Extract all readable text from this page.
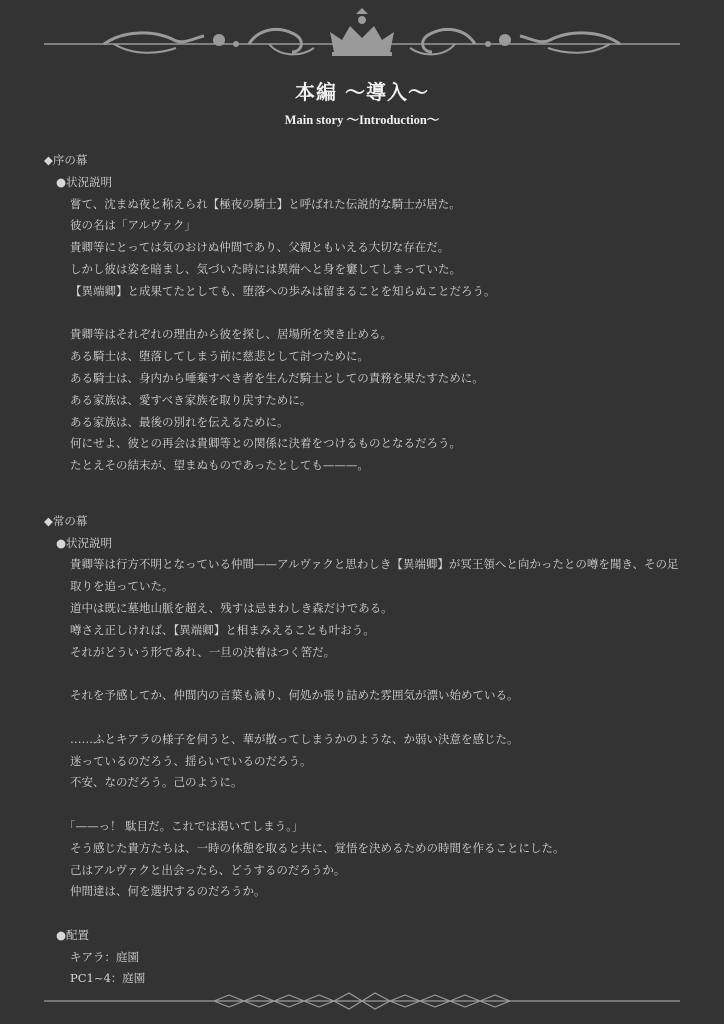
本編 ～導入～
Main story ～Introduction～
◆序の幕
●状況説明
嘗て、沈まぬ夜と称えられ【極夜の騎士】と呼ばれた伝説的な騎士が居た。
彼の名は「アルヴァク」
貴卿等にとっては気のおけぬ仲間であり、父親ともいえる大切な存在だ。
しかし彼は姿を暗まし、気づいた時には異端へと身を窶してしまっていた。
【異端卿】と成果てたとしても、堕落への歩みは留まることを知らぬことだろう。
貴卿等はそれぞれの理由から彼を探し、居場所を突き止める。
ある騎士は、堕落してしまう前に慈悲として討つために。
ある騎士は、身内から唾棄すべき者を生んだ騎士としての責務を果たすために。
ある家族は、愛すべき家族を取り戻すために。
ある家族は、最後の別れを伝えるために。
何にせよ、彼との再会は貴卿等との関係に決着をつけるものとなるだろう。
たとえその結末が、望まぬものであったとしても———。
◆常の幕
●状況説明
貴卿等は行方不明となっている仲間——アルヴァクと思わしき【異端卿】が冥王領へと向かったとの噂を聞き、その足取りを追っていた。
道中は既に墓地山脈を超え、残すは忌まわしき森だけである。
噂さえ正しければ、【異端卿】と相まみえることも叶おう。
それがどういう形であれ、一旦の決着はつく筈だ。
それを予感してか、仲間内の言葉も減り、何処か張り詰めた雰囲気が漂い始めている。
……ふとキアラの様子を伺うと、華が散ってしまうかのような、か弱い決意を感じた。
迷っているのだろう、揺らいでいるのだろう。
不安、なのだろう。己のように。
「——っ！ 駄目だ。これでは渇いてしまう。」
そう感じた貴方たちは、一時の休憩を取ると共に、覚悟を決めるための時間を作ることにした。
己はアルヴァクと出会ったら、どうするのだろうか。
仲間達は、何を選択するのだろうか。
●配置
キアラ：庭園
PC1~4：庭園
